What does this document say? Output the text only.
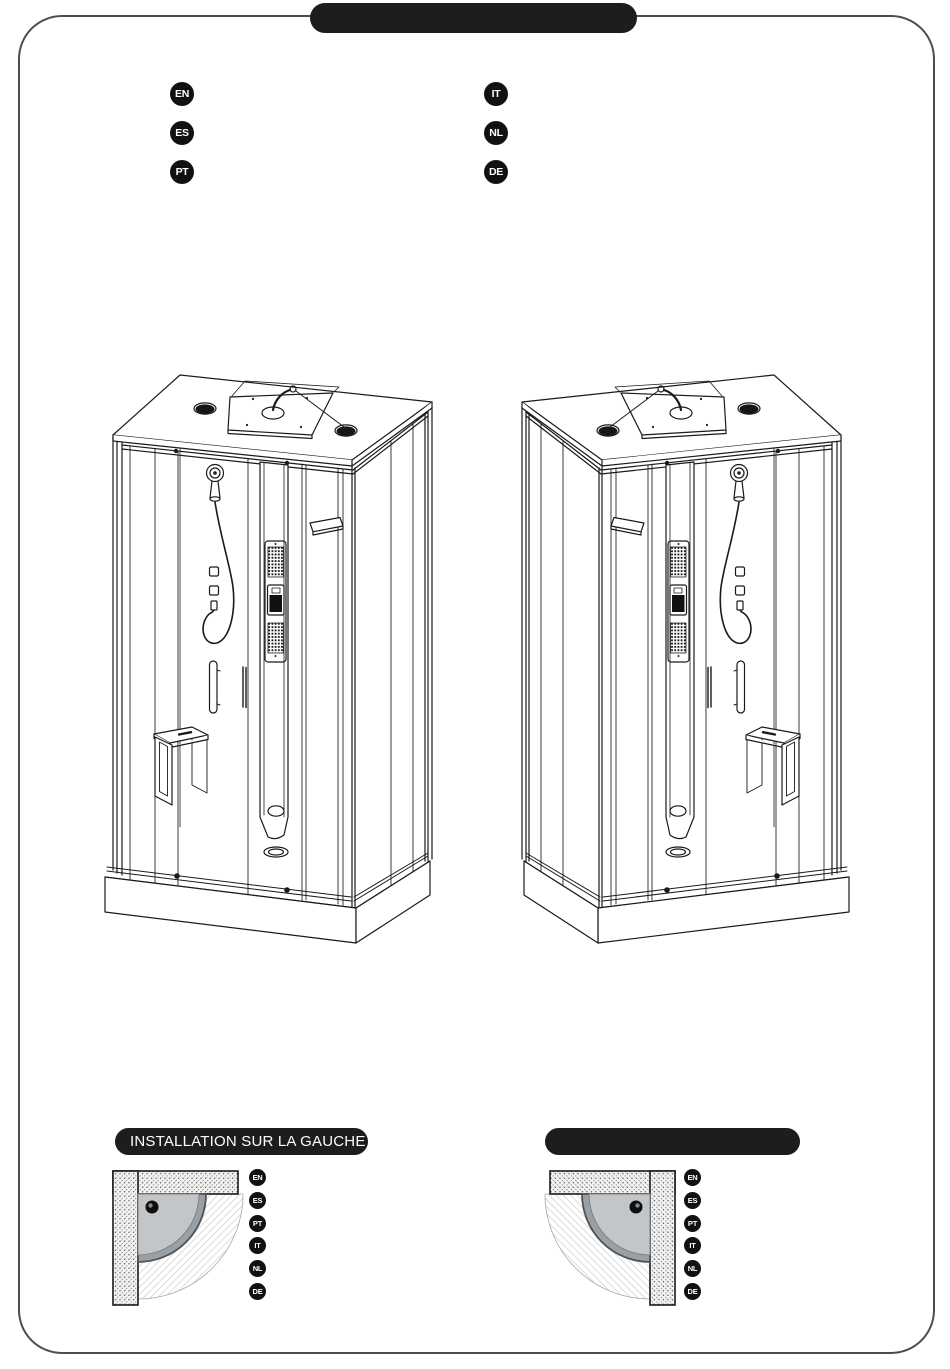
EN
ES
PT
IT
NL
DE
INSTALLATION SUR LA GAUCHE
EN
ES
PT
IT
NL
DE
EN
ES
PT
IT
NL
DE
